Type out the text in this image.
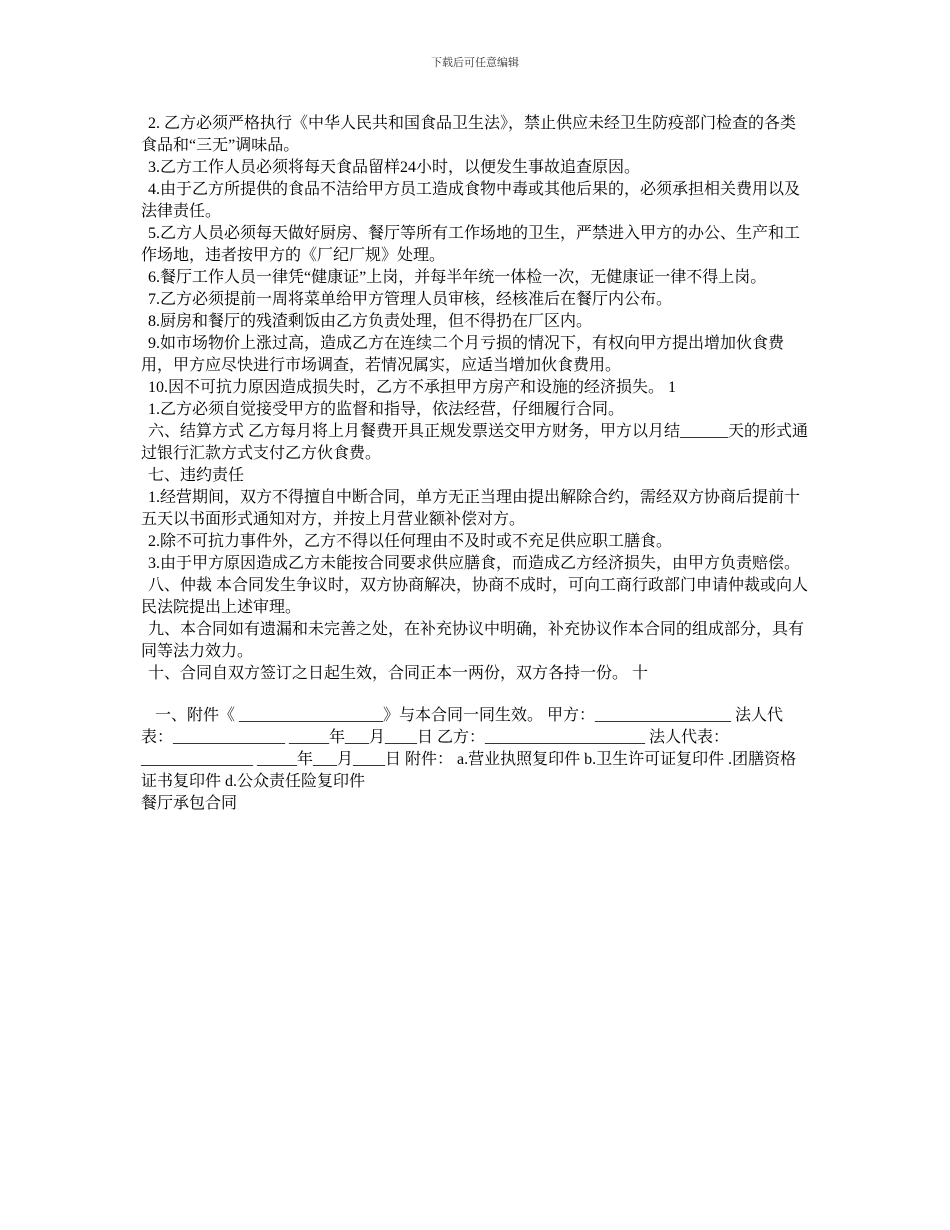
下载后可任意编辑

2. 乙方必须严格执行《中华人民共和国食品卫生法》，禁止供应未经卫生防疫部门检查的各类食品和“三无”调味品。

3.乙方工作人员必须将每天食品留样24小时，以便发生事故追查原因。

4.由于乙方所提供的食品不洁给甲方员工造成食物中毒或其他后果的，必须承担相关费用以及法律责任。

5.乙方人员必须每天做好厨房、餐厅等所有工作场地的卫生，严禁进入甲方的办公、生产和工作场地，违者按甲方的《厂纪厂规》处理。

6.餐厅工作人员一律凭“健康证”上岗，并每半年统一体检一次，无健康证一律不得上岗。

7.乙方必须提前一周将菜单给甲方管理人员审核，经核准后在餐厅内公布。

8.厨房和餐厅的残渣剩饭由乙方负责处理，但不得扔在厂区内。

9.如市场物价上涨过高，造成乙方在连续二个月亏损的情况下，有权向甲方提出增加伙食费用，甲方应尽快进行市场调查，若情况属实，应适当增加伙食费用。

10.因不可抗力原因造成损失时，乙方不承担甲方房产和设施的经济损失。 1

1.乙方必须自觉接受甲方的监督和指导，依法经营，仔细履行合同。

六、结算方式 乙方每月将上月餐费开具正规发票送交甲方财务，甲方以月结______天的形式通过银行汇款方式支付乙方伙食费。

七、违约责任

1.经营期间，双方不得擅自中断合同，单方无正当理由提出解除合约，需经双方协商后提前十五天以书面形式通知对方，并按上月营业额补偿对方。

2.除不可抗力事件外，乙方不得以任何理由不及时或不充足供应职工膳食。

3.由于甲方原因造成乙方未能按合同要求供应膳食，而造成乙方经济损失，由甲方负责赔偿。

八、仲裁 本合同发生争议时，双方协商解决，协商不成时，可向工商行政部门申请仲裁或向人民法院提出上述审理。

九、本合同如有遗漏和未完善之处，在补充协议中明确，补充协议作本合同的组成部分，具有同等法力效力。

十、合同自双方签订之日起生效，合同正本一两份，双方各持一份。 十

一、附件《 __________________》与本合同一同生效。 甲方：_________________ 法人代表：______________ _____年___月____日 乙方：____________________ 法人代表：______________ _____年___月____日 附件： a.营业执照复印件 b.卫生许可证复印件 .团膳资格证书复印件 d.公众责任险复印件

餐厅承包合同
